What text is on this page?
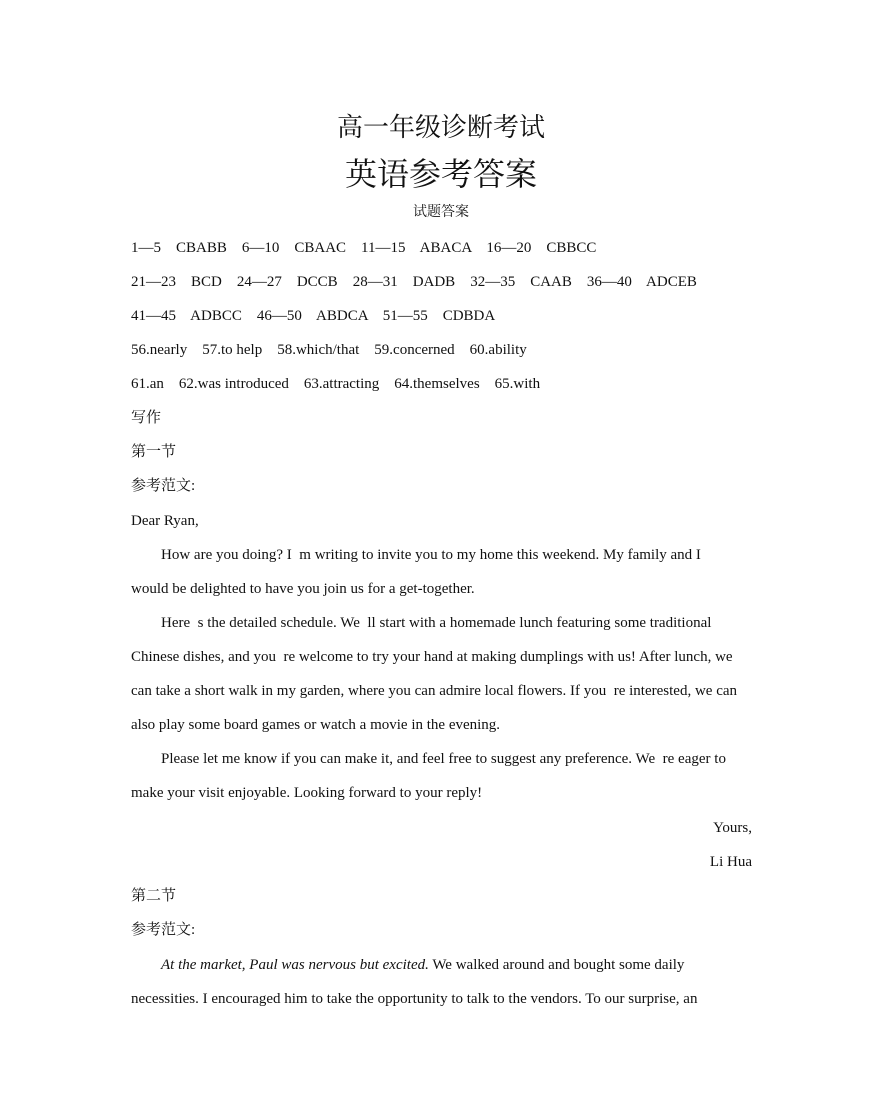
高一年级诊断考试
英语参考答案
试题答案
1—5    CBABB    6—10    CBAAC    11—15    ABACA    16—20    CBBCC
21—23    BCD    24—27    DCCB    28—31    DADB    32—35    CAAB    36—40    ADCEB
41—45    ADBCC    46—50    ABDCA    51—55    CDBDA
56.nearly    57.to help    58.which/that    59.concerned    60.ability
61.an    62.was introduced    63.attracting    64.themselves    65.with
写作
第一节
参考范文:
Dear Ryan,
How are you doing? I  m writing to invite you to my home this weekend. My family and I
would be delighted to have you join us for a get-together.
Here  s the detailed schedule. We  ll start with a homemade lunch featuring some traditional
Chinese dishes, and you  re welcome to try your hand at making dumplings with us! After lunch, we
can take a short walk in my garden, where you can admire local flowers. If you  re interested, we can
also play some board games or watch a movie in the evening.
Please let me know if you can make it, and feel free to suggest any preference. We  re eager to
make your visit enjoyable. Looking forward to your reply!
Yours,
Li Hua
第二节
参考范文:
At the market, Paul was nervous but excited. We walked around and bought some daily
necessities. I encouraged him to take the opportunity to talk to the vendors. To our surprise, an
